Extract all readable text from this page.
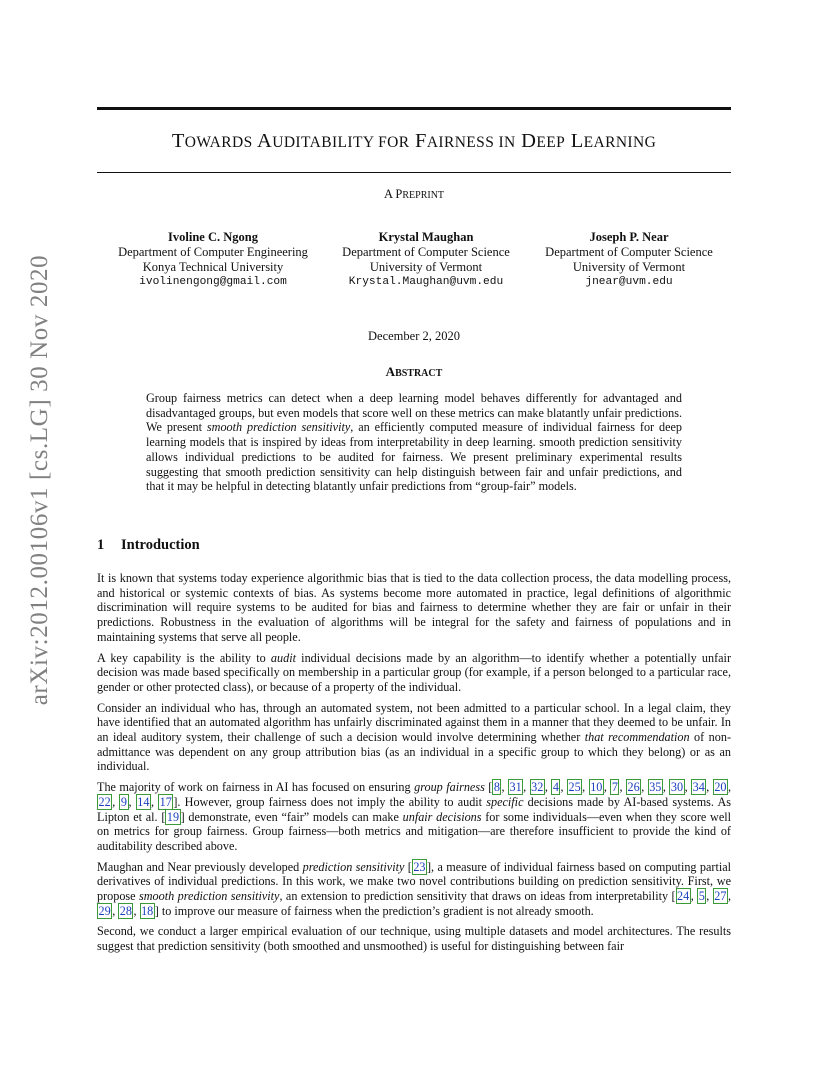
arXiv:2012.00106v1 [cs.LG] 30 Nov 2020
TOWARDS AUDITABILITY FOR FAIRNESS IN DEEP LEARNING
A PREPRINT
Ivoline C. Ngong
Department of Computer Engineering
Konya Technical University
ivolinengong@gmail.com
Krystal Maughan
Department of Computer Science
University of Vermont
Krystal.Maughan@uvm.edu
Joseph P. Near
Department of Computer Science
University of Vermont
jnear@uvm.edu
December 2, 2020
ABSTRACT
Group fairness metrics can detect when a deep learning model behaves differently for advantaged and disadvantaged groups, but even models that score well on these metrics can make blatantly unfair predictions. We present smooth prediction sensitivity, an efficiently computed measure of individual fairness for deep learning models that is inspired by ideas from interpretability in deep learning. smooth prediction sensitivity allows individual predictions to be audited for fairness. We present preliminary experimental results suggesting that smooth prediction sensitivity can help distinguish between fair and unfair predictions, and that it may be helpful in detecting blatantly unfair predictions from “group-fair” models.
1 Introduction

It is known that systems today experience algorithmic bias that is tied to the data collection process, the data modelling process, and historical or systemic contexts of bias. As systems become more automated in practice, legal definitions of algorithmic discrimination will require systems to be audited for bias and fairness to determine whether they are fair or unfair in their predictions. Robustness in the evaluation of algorithms will be integral for the safety and fairness of populations and in maintaining systems that serve all people.

A key capability is the ability to audit individual decisions made by an algorithm—to identify whether a potentially unfair decision was made based specifically on membership in a particular group (for example, if a person belonged to a particular race, gender or other protected class), or because of a property of the individual.

Consider an individual who has, through an automated system, not been admitted to a particular school. In a legal claim, they have identified that an automated algorithm has unfairly discriminated against them in a manner that they deemed to be unfair. In an ideal auditory system, their challenge of such a decision would involve determining whether that recommendation of non-admittance was dependent on any group attribution bias (as an individual in a specific group to which they belong) or as an individual.

The majority of work on fairness in AI has focused on ensuring group fairness [ 8 , 31 , 32 , 4 , 25 , 10 , 7 , 26 , 35 , 30 , 34 , 20 , 22 , 9 , 14 , 17 ]. However, group fairness does not imply the ability to audit specific decisions made by AI-based systems. As Lipton et al. [ 19 ] demonstrate, even “fair” models can make unfair decisions for some individuals—even when they score well on metrics for group fairness. Group fairness—both metrics and mitigation—are therefore insufficient to provide the kind of auditability described above.

Maughan and Near previously developed prediction sensitivity [ 23 ], a measure of individual fairness based on computing partial derivatives of individual predictions. In this work, we make two novel contributions building on prediction sensitivity. First, we propose smooth prediction sensitivity, an extension to prediction sensitivity that draws on ideas from interpretability [ 24 , 5 , 27 , 29 , 28 , 18 ] to improve our measure of fairness when the prediction’s gradient is not already smooth.

Second, we conduct a larger empirical evaluation of our technique, using multiple datasets and model architectures. The results suggest that prediction sensitivity (both smoothed and unsmoothed) is useful for distinguishing between fair
